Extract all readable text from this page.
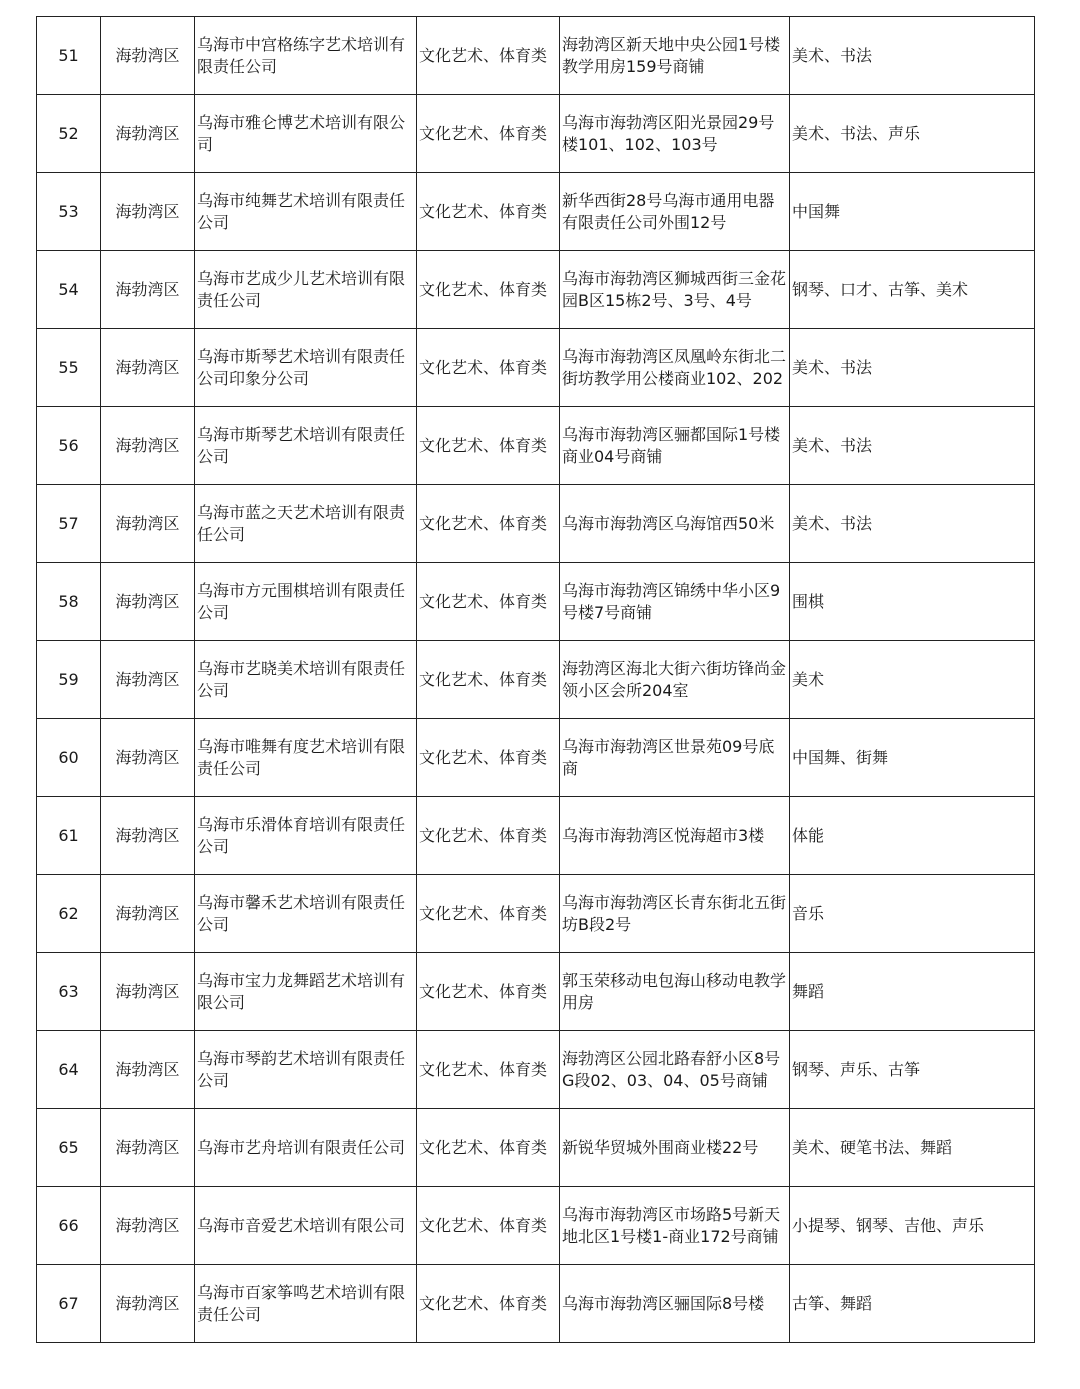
51	海勃湾区	乌海市中宫格练字艺术培训有限责任公司	文化艺术、体育类	海勃湾区新天地中央公园1号楼教学用房159号商铺	美术、书法
52	海勃湾区	乌海市雅仑博艺术培训有限公司	文化艺术、体育类	乌海市海勃湾区阳光景园29号楼101、102、103号	美术、书法、声乐
53	海勃湾区	乌海市纯舞艺术培训有限责任公司	文化艺术、体育类	新华西街28号乌海市通用电器有限责任公司外围12号	中国舞
54	海勃湾区	乌海市艺成少儿艺术培训有限责任公司	文化艺术、体育类	乌海市海勃湾区狮城西街三金花园B区15栋2号、3号、4号	钢琴、口才、古筝、美术
55	海勃湾区	乌海市斯琴艺术培训有限责任公司印象分公司	文化艺术、体育类	乌海市海勃湾区凤凰岭东街北二街坊教学用公楼商业102、202	美术、书法
56	海勃湾区	乌海市斯琴艺术培训有限责任公司	文化艺术、体育类	乌海市海勃湾区骊都国际1号楼商业04号商铺	美术、书法
57	海勃湾区	乌海市蓝之天艺术培训有限责任公司	文化艺术、体育类	乌海市海勃湾区乌海馆西50米	美术、书法
58	海勃湾区	乌海市方元围棋培训有限责任公司	文化艺术、体育类	乌海市海勃湾区锦绣中华小区9号楼7号商铺	围棋
59	海勃湾区	乌海市艺晓美术培训有限责任公司	文化艺术、体育类	海勃湾区海北大街六街坊锋尚金领小区会所204室	美术
60	海勃湾区	乌海市唯舞有度艺术培训有限责任公司	文化艺术、体育类	乌海市海勃湾区世景苑09号底商	中国舞、街舞
61	海勃湾区	乌海市乐滑体育培训有限责任公司	文化艺术、体育类	乌海市海勃湾区悦海超市3楼	体能
62	海勃湾区	乌海市馨禾艺术培训有限责任公司	文化艺术、体育类	乌海市海勃湾区长青东街北五街坊B段2号	音乐
63	海勃湾区	乌海市宝力龙舞蹈艺术培训有限公司	文化艺术、体育类	郭玉荣移动电包海山移动电教学用房	舞蹈
64	海勃湾区	乌海市琴韵艺术培训有限责任公司	文化艺术、体育类	海勃湾区公园北路春舒小区8号G段02、03、04、05号商铺	钢琴、声乐、古筝
65	海勃湾区	乌海市艺舟培训有限责任公司	文化艺术、体育类	新锐华贸城外围商业楼22号	美术、硬笔书法、舞蹈
66	海勃湾区	乌海市音爱艺术培训有限公司	文化艺术、体育类	乌海市海勃湾区市场路5号新天地北区1号楼1-商业172号商铺	小提琴、钢琴、吉他、声乐
67	海勃湾区	乌海市百家筝鸣艺术培训有限责任公司	文化艺术、体育类	乌海市海勃湾区骊国际8号楼	古筝、舞蹈
